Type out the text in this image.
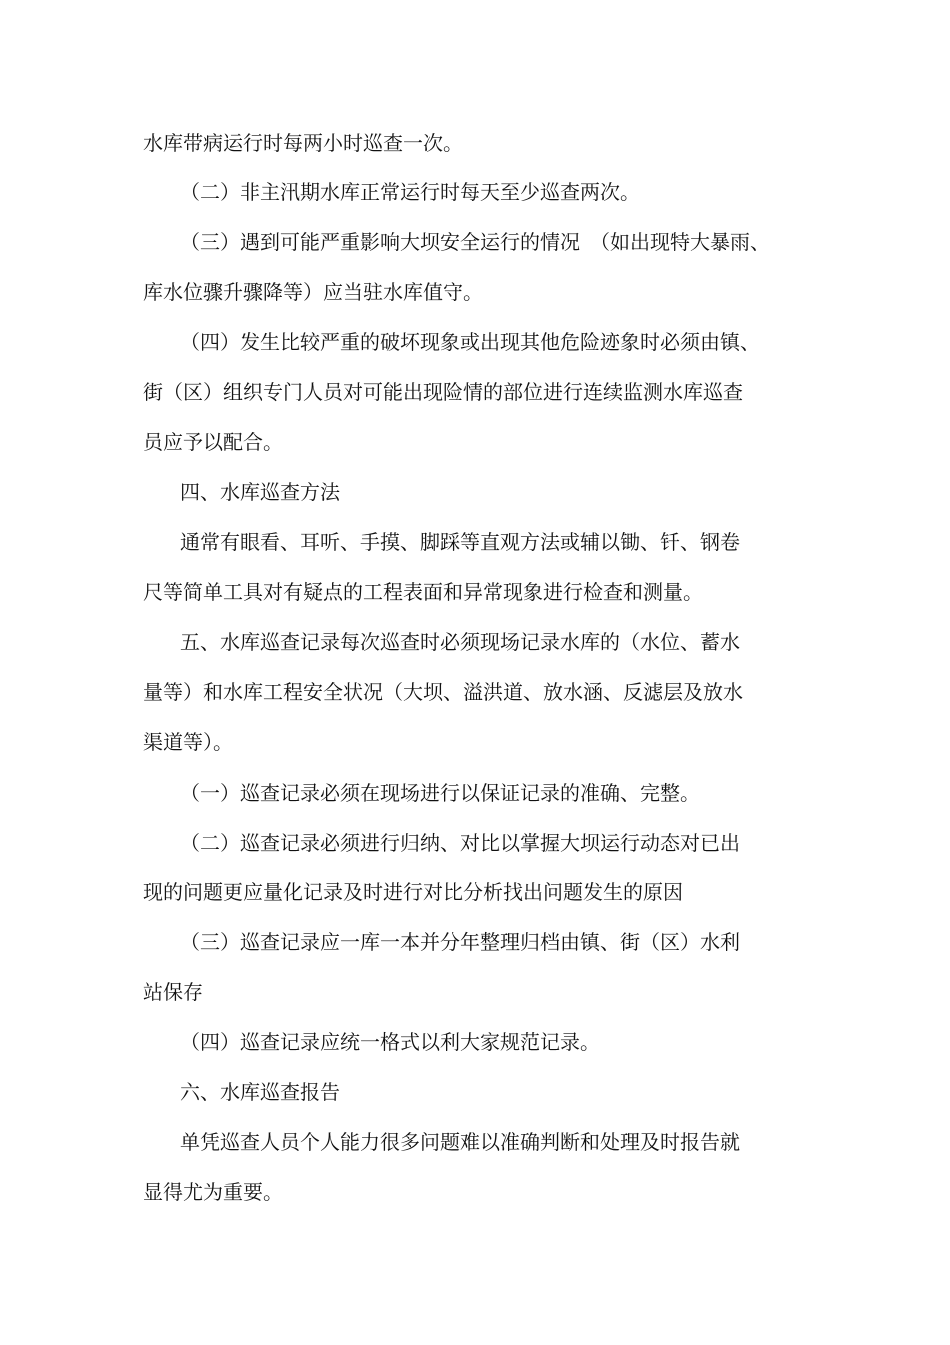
水库带病运行时每两小时巡查一次。
（二）非主汛期水库正常运行时每天至少巡查两次。
（三）遇到可能严重影响大坝安全运行的情况　（如出现特大暴雨、
库水位骤升骤降等）应当驻水库值守。
（四）发生比较严重的破坏现象或出现其他危险迹象时必须由镇、
街（区）组织专门人员对可能出现险情的部位进行连续监测水库巡查
员应予以配合。
四、水库巡查方法
通常有眼看、耳听、手摸、脚踩等直观方法或辅以锄、钎、钢卷
尺等简单工具对有疑点的工程表面和异常现象进行检查和测量。
五、水库巡查记录每次巡查时必须现场记录水库的（水位、蓄水
量等）和水库工程安全状况（大坝、溢洪道、放水涵、反滤层及放水
渠道等）。
（一）巡查记录必须在现场进行以保证记录的准确、完整。
（二）巡查记录必须进行归纳、对比以掌握大坝运行动态对已出
现的问题更应量化记录及时进行对比分析找出问题发生的原因
（三）巡查记录应一库一本并分年整理归档由镇、街（区）水利
站保存
（四）巡查记录应统一格式以利大家规范记录。
六、水库巡查报告
单凭巡查人员个人能力很多问题难以准确判断和处理及时报告就
显得尤为重要。
